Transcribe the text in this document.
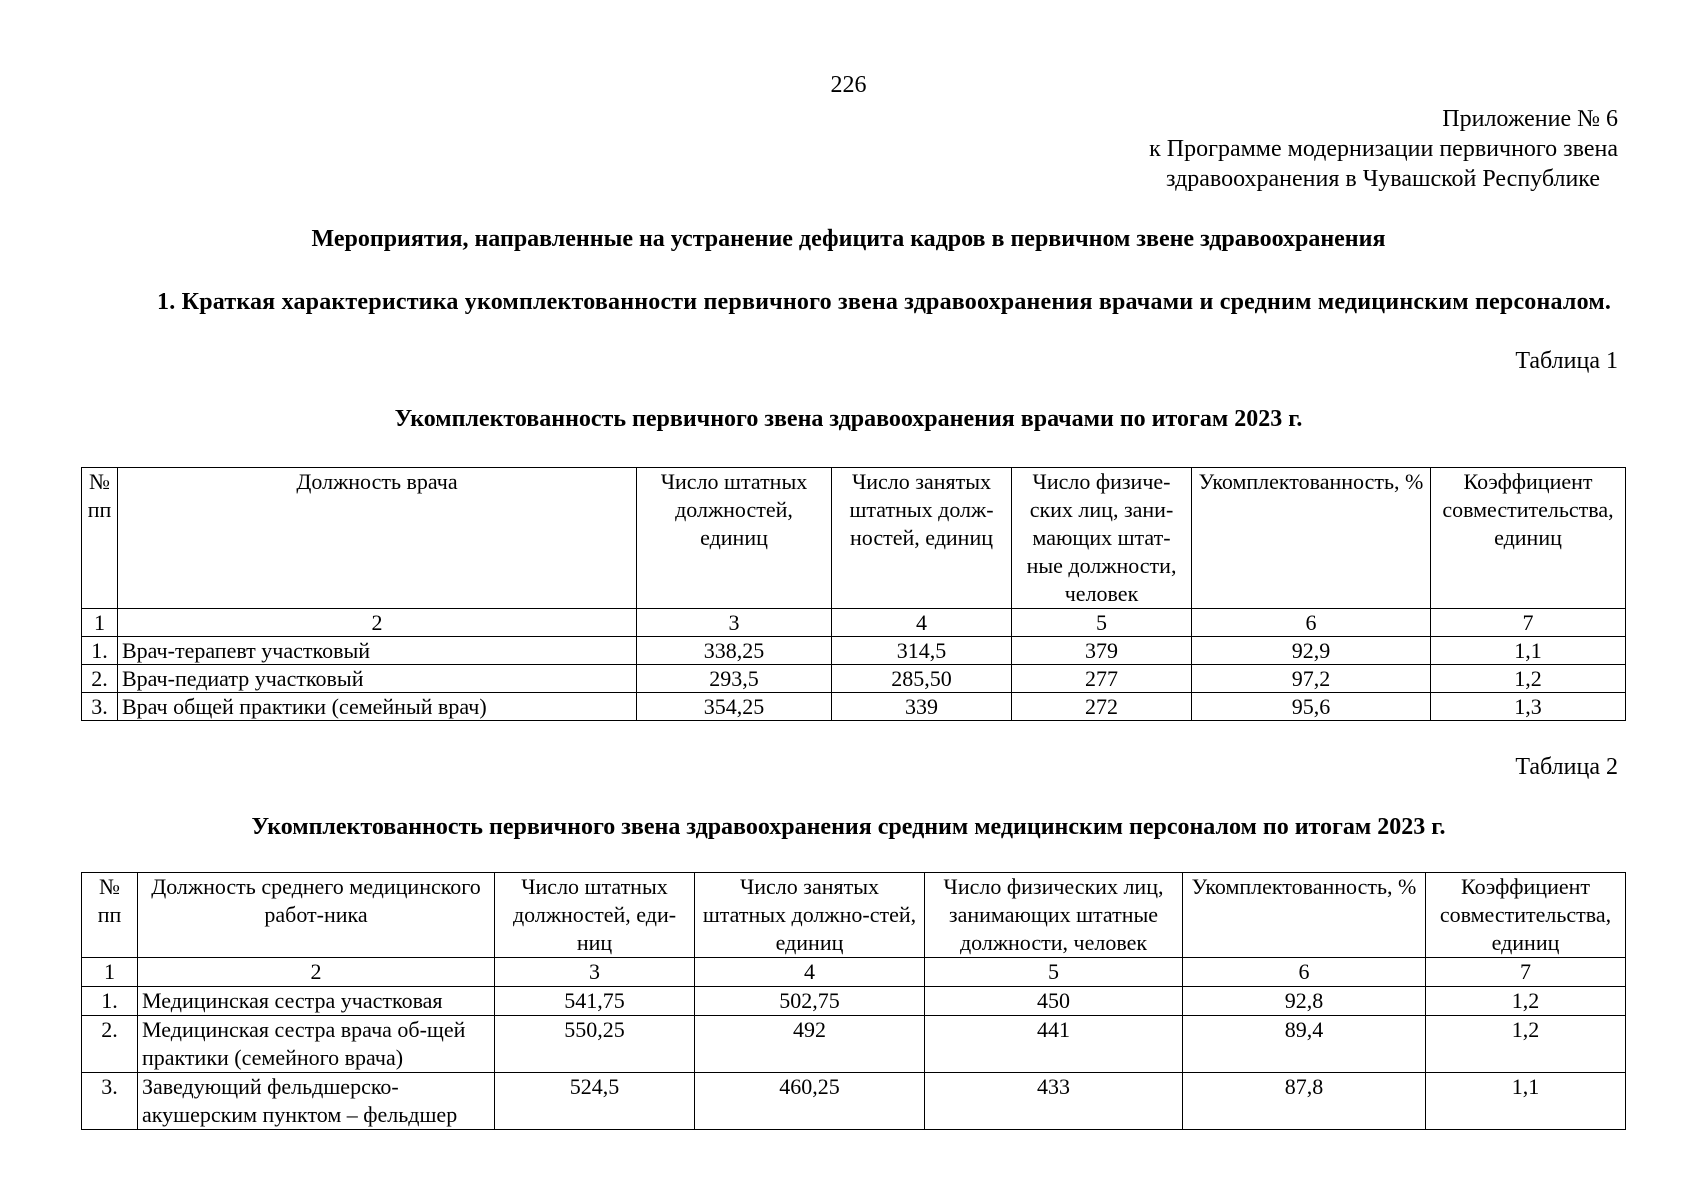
226
Приложение № 6
к Программе модернизации первичного звена
здравоохранения в Чувашской Республике
Мероприятия, направленные на устранение дефицита кадров в первичном звене здравоохранения
1. Краткая характеристика укомплектованности первичного звена здравоохранения врачами и средним медицинским персоналом.
Таблица 1
Укомплектованность первичного звена здравоохранения врачами по итогам 2023 г.
№ пп	Должность врача	Число штатных должностей, единиц	Число занятых штатных долж-ностей, единиц	Число физиче-ских лиц, зани-мающих штат-ные должности, человек	Укомплектованность, %	Коэффициент совместительства, единиц
1	2	3	4	5	6	7
1.	Врач-терапевт участковый	338,25	314,5	379	92,9	1,1
2.	Врач-педиатр участковый	293,5	285,50	277	97,2	1,2
3.	Врач общей практики (семейный врач)	354,25	339	272	95,6	1,3
Таблица 2
Укомплектованность первичного звена здравоохранения средним медицинским персоналом по итогам 2023 г.
№ пп	Должность среднего медицинского работ-ника	Число штатных должностей, еди-ниц	Число занятых штатных должно-стей, единиц	Число физических лиц, занимающих штатные должности, человек	Укомплектованность, %	Коэффициент совместительства, единиц
1	2	3	4	5	6	7
1.	Медицинская сестра участковая	541,75	502,75	450	92,8	1,2
2.	Медицинская сестра врача об-щей практики (семейного врача)	550,25	492	441	89,4	1,2
3.	Заведующий фельдшерско-акушерским пунктом – фельдшер	524,5	460,25	433	87,8	1,1
